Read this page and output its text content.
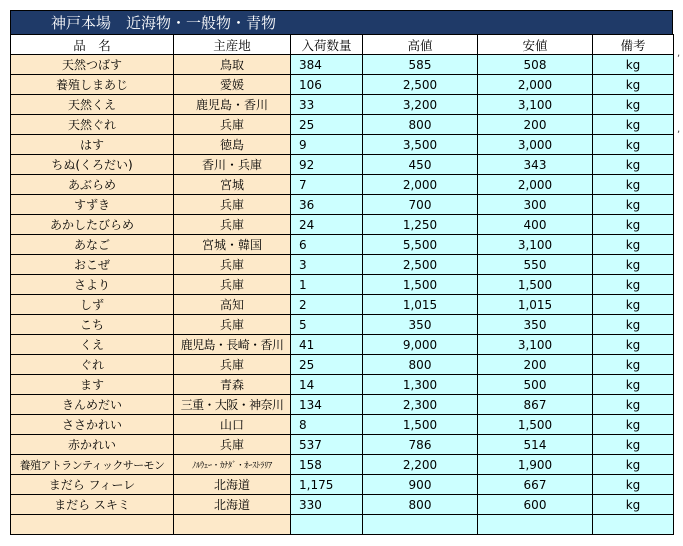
神戸本場　近海物・一般物・青物
品　名	主産地	入荷数量	高値	安値	備考
天然つばす	鳥取	384	585	508	kg
養殖しまあじ	愛媛	106	2,500	2,000	kg
天然くえ	鹿児島・香川	33	3,200	3,100	kg
天然ぐれ	兵庫	25	800	200	kg
はす	徳島	9	3,500	3,000	kg
ちぬ(くろだい)	香川・兵庫	92	450	343	kg
あぶらめ	宮城	7	2,000	2,000	kg
すずき	兵庫	36	700	300	kg
あかしたびらめ	兵庫	24	1,250	400	kg
あなご	宮城・韓国	6	5,500	3,100	kg
おこぜ	兵庫	3	2,500	550	kg
さより	兵庫	1	1,500	1,500	kg
しず	高知	2	1,015	1,015	kg
こち	兵庫	5	350	350	kg
くえ	鹿児島・長崎・香川	41	9,000	3,100	kg
ぐれ	兵庫	25	800	200	kg
ます	青森	14	1,300	500	kg
きんめだい	三重・大阪・神奈川	134	2,300	867	kg
ささかれい	山口	8	1,500	1,500	kg
赤かれい	兵庫	537	786	514	kg
養殖アトランティックサーモン	ﾉﾙｳｪｰ・ｶﾅﾀﾞ・ｵｰｽﾄﾗﾘｱ	158	2,200	1,900	kg
まだら フィーレ	北海道	1,175	900	667	kg
まだら スキミ	北海道	330	800	600	kg

,
,
